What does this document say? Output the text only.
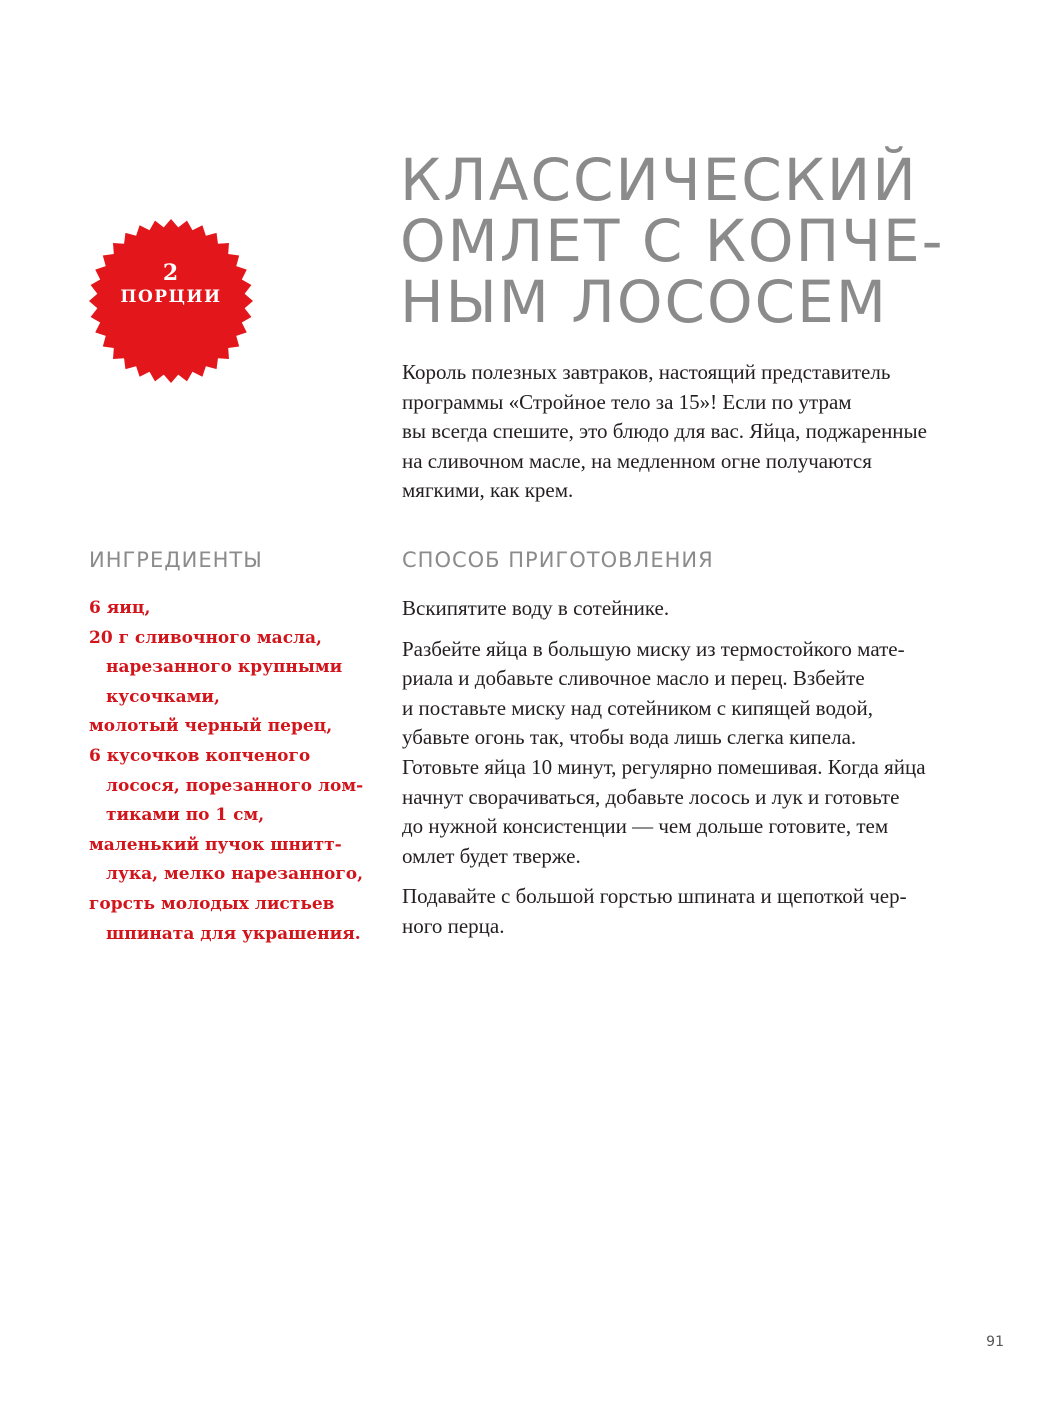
2
ПОРЦИИ
КЛАССИЧЕСКИЙ
ОМЛЕТ С КОПЧЕ-
НЫМ ЛОСОСЕМ

Король полезных завтраков, настоящий представитель
программы «Стройное тело за 15»! Если по утрам
вы всегда спешите, это блюдо для вас. Яйца, поджаренные
на сливочном масле, на медленном огне получаются
мягкими, как крем.

ИНГРЕДИЕНТЫ	СПОСОБ ПРИГОТОВЛЕНИЯ
6 яиц,
20 г сливочного масла,
нарезанного крупными
кусочками,
молотый черный перец,
6 кусочков копченого
лосося, порезанного лом-
тиками по 1 см,
маленький пучок шнитт-
лука, мелко нарезанного,
горсть молодых листьев
шпината для украшения.

Вскипятите воду в сотейнике.

Разбейте яйца в большую миску из термостойкого мате-
риала и добавьте сливочное масло и перец. Взбейте
и поставьте миску над сотейником с кипящей водой,
убавьте огонь так, чтобы вода лишь слегка кипела.
Готовьте яйца 10 минут, регулярно помешивая. Когда яйца
начнут сворачиваться, добавьте лосось и лук и готовьте
до нужной консистенции — чем дольше готовите, тем
омлет будет тверже.

Подавайте с большой горстью шпината и щепоткой чер-
ного перца.

91
